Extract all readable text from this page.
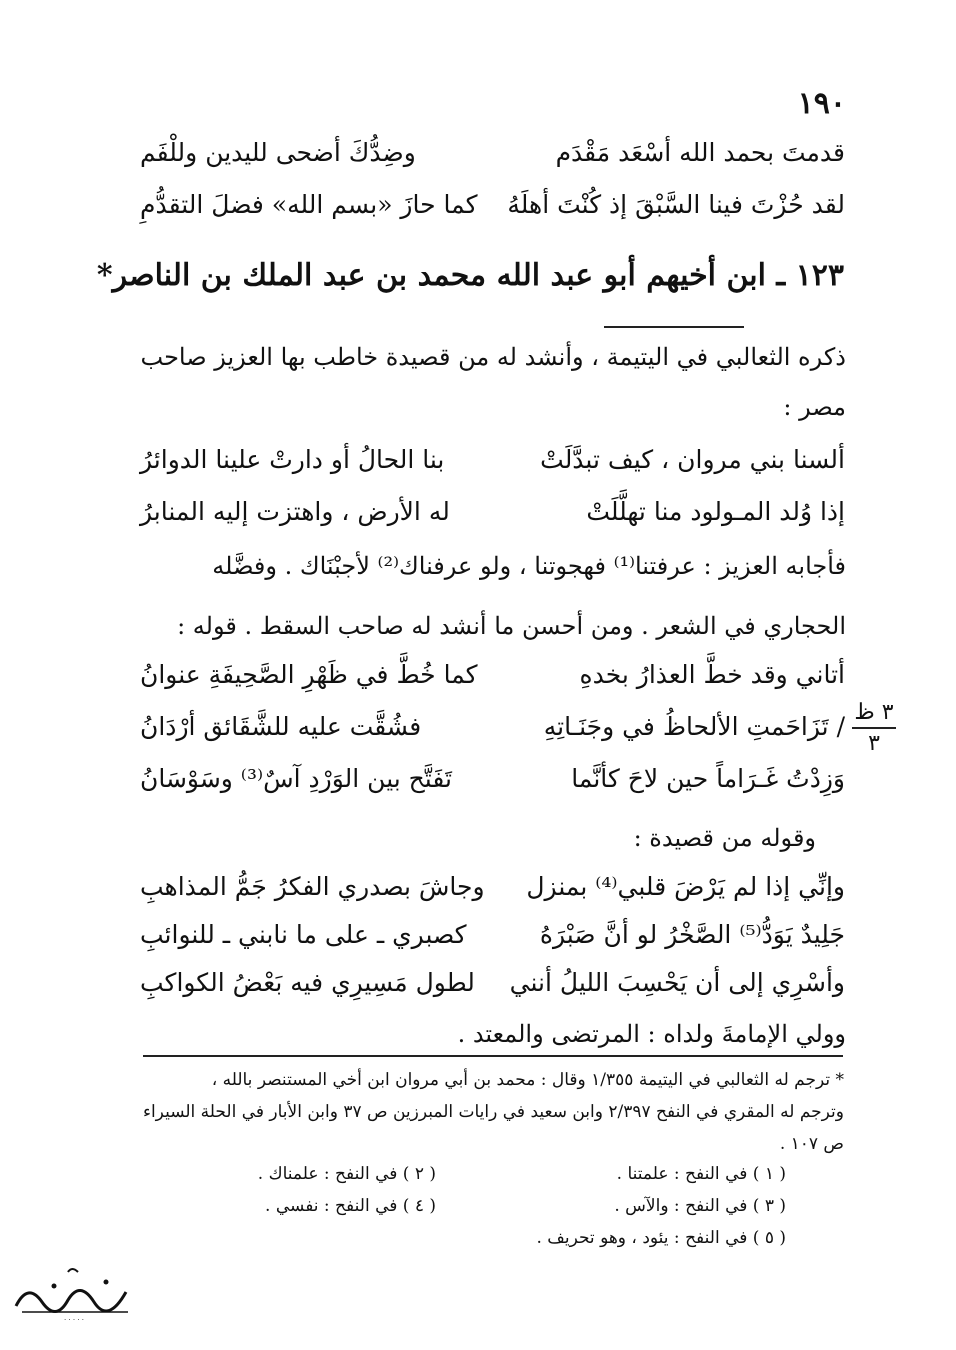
١٩٠
قدمتَ بحمد الله أسْعَد مَقْدَم
وضِدُّكَ أضحى لليدين وللْفَم
لقد حُزْتَ فينا السَّبْقَ إذ كُنْتَ أهلَهُ
كما حازَ «بسم الله» فضلَ التقدُّمِ
١٢٣ ـ ابن أخيهم أبو عبد الله محمد بن عبد الملك بن الناصر*
ذكره الثعالبي في اليتيمة ، وأنشد له من قصيدة خاطب بها العزيز صاحب
مصر :
ألسنا بني مروان ، كيف تبدَّلَتْ
بنا الحالُ أو دارتْ علينا الدوائرُ
إذا وُلد المـولود منا تهلَّلَتْ
له الأرض ، واهتزت إليه المنابرُ
فأجابه العزيز : عرفتنا⁽¹⁾ فهجوتنا ، ولو عرفناك⁽²⁾ لأجبْنَاك . وفضَّله
الحجاري في الشعر . ومن أحسن ما أنشد له صاحب السقط . قوله :
أتاني وقد خطَّ العذارُ بخدهِ
كما خُطَّ في ظَهْرِ الصَّحِيفَةِ عنوانُ
/ تَزَاحَمتِ الألحاظُ في وجَنَـاتِهِ
فشُقَّت عليه للشَّقَائق أرْدَانُ
وَزِدْتُ غَـرَاماً حين لاحَ كأنَّما
تَفَتَّح بين الوَرْدِ آسٌ⁽³⁾ وسَوْسَانُ
٣ ظ
٣
وقوله من قصيدة :
وإنِّي إذا لم يَرْضَ قلبي⁽⁴⁾ بمنزل
وجاشَ بصدري الفكرُ جَمُّ المذاهبِ
جَلِيدٌ يَوَدُّ⁽⁵⁾ الصَّخْرُ لو أنَّ صَبْرَهُ
كصبري ـ على ما نابني ـ للنوائبِ
وأسْرِي إلى أن يَحْسِبَ الليلُ أنني
لطول مَسِيرِي فيه بَعْضُ الكواكبِ
وولي الإمامةَ ولداه : المرتضى والمعتد .
* ترجم له الثعالبي في اليتيمة ١/٣٥٥ وقال : محمد بن أبي مروان ابن أخي المستنصر بالله ،
وترجم له المقري في النفح ٢/٣٩٧ وابن سعيد في رايات المبرزين ص ٣٧ وابن الأبار في الحلة السيراء
ص ١٠٧ .
( ١ ) في النفح : علمتنا .
( ٢ ) في النفح : علمناك .
( ٣ ) في النفح : والآس .
( ٤ ) في النفح : نفسي .
( ٥ ) في النفح : يئود ، وهو تحريف .
· · · · ·
